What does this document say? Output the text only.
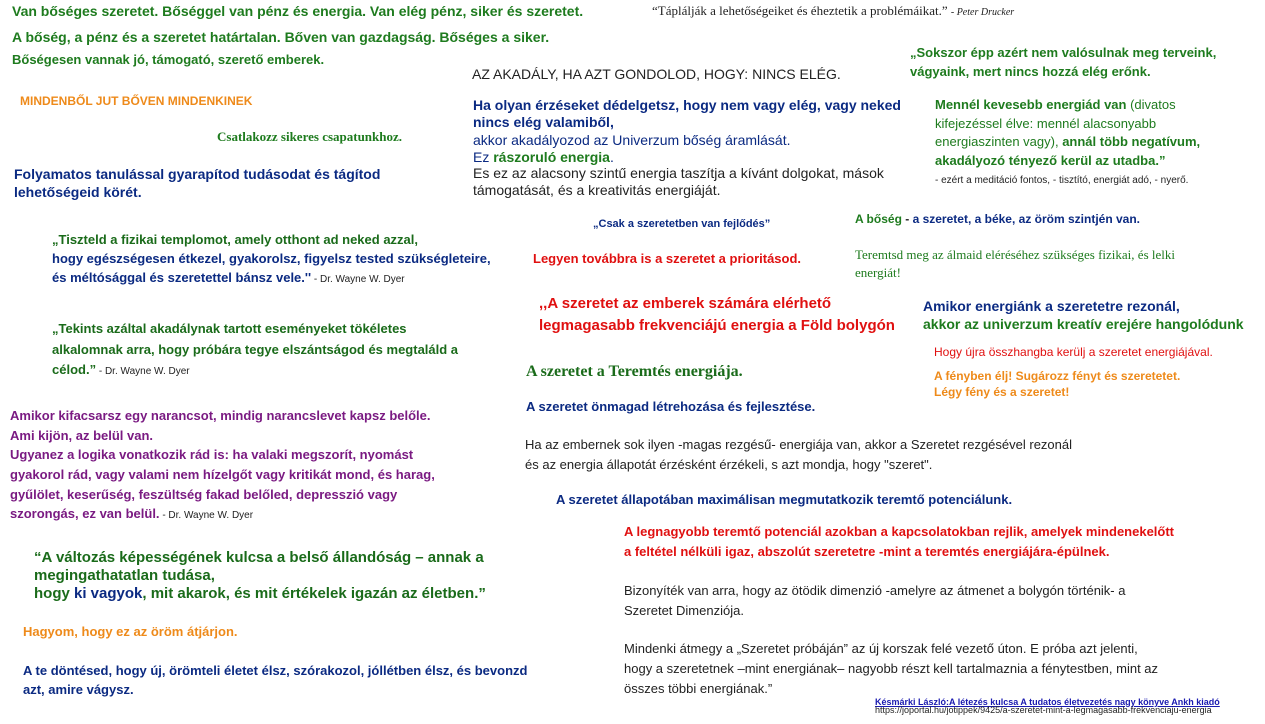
Van bőséges szeretet. Bőséggel van pénz és energia. Van elég pénz, siker és szeretet.
A bőség, a pénz és a szeretet határtalan. Bőven van gazdagság. Bőséges a siker.
Bőségesen vannak jó, támogató, szerető emberek.
“Táplálják a lehetőségeiket és éheztetik a problémáikat.” - Peter Drucker
MINDENBŐL JUT BŐVEN MINDENKINEK
Csatlakozz sikeres csapatunkhoz.
Folyamatos tanulással gyarapítod tudásodat és tágítod
lehetőségeid körét.
AZ AKADÁLY, HA AZT GONDOLOD, HOGY: NINCS ELÉG.
Ha olyan érzéseket dédelgetsz, hogy nem vagy elég, vagy neked
nincs elég valamiből,
akkor akadályozod az Univerzum bőség áramlását.
Ez rászoruló energia.
Es ez az alacsony szintű energia taszítja a kívánt dolgokat, mások
támogatását, és a kreativitás energiáját.
„Sokszor épp azért nem valósulnak meg terveink,
vágyaink, mert nincs hozzá elég erőnk.
Mennél kevesebb energiád van (divatos
kifejezéssel élve: mennél alacsonyabb
energiaszinten vagy), annál több negatívum,
akadályozó tényező kerül az utadba.”
- ezért a meditáció fontos, - tisztító, energiát adó, - nyerő.
„Csak a szeretetben van fejlődés”
Legyen továbbra is a szeretet a prioritásod.
A bőség - a szeretet, a béke, az öröm szintjén van.
Teremtsd meg az álmaid eléréséhez szükséges fizikai, és lelki
energiát!
„Tiszteld a fizikai templomot, amely otthont ad neked azzal,
hogy egészségesen étkezel, gyakorolsz, figyelsz tested szükségleteire,
és méltósággal és szeretettel bánsz vele.'' - Dr. Wayne W. Dyer
,,A szeretet az emberek számára elérhető
legmagasabb frekvenciájú energia a Föld bolygón
Amikor energiánk a szeretetre rezonál,
akkor az univerzum kreatív erejére hangolódunk
Hogy újra összhangba kerülj a szeretet energiájával.
A fényben élj! Sugározz fényt és szeretetet.
Légy fény és a szeretet!
„Tekints azáltal akadálynak tartott eseményeket tökéletes
alkalomnak arra, hogy próbára tegye elszántságod és megtaláld a
célod.” - Dr. Wayne W. Dyer	A szeretet a Teremtés energiája.
A szeretet önmagad létrehozása és fejlesztése.
Amikor kifacsarsz egy narancsot, mindig narancslevet kapsz belőle.
Ami kijön, az belül van.
Ugyanez a logika vonatkozik rád is: ha valaki megszorít, nyomást
gyakorol rád, vagy valami nem hízelgőt vagy kritikát mond, és harag,
gyűlölet, keserűség, feszültség fakad belőled, depresszió vagy
szorongás, ez van belül. - Dr. Wayne W. Dyer
Ha az embernek sok ilyen -magas rezgésű- energiája van, akkor a Szeretet rezgésével rezonál
és az energia állapotát érzésként érzékeli, s azt mondja, hogy "szeret".
A szeretet állapotában maximálisan megmutatkozik teremtő potenciálunk.
“A változás képességének kulcsa a belső állandóság – annak a
megingathatatlan tudása,
hogy ki vagyok, mit akarok, és mit értékelek igazán az életben.”
A legnagyobb teremtő potenciál azokban a kapcsolatokban rejlik, amelyek mindenekelőtt
a feltétel nélküli igaz, abszolút szeretetre -mint a teremtés energiájára-épülnek.
Hagyom, hogy ez az öröm átjárjon.
Bizonyíték van arra, hogy az ötödik dimenzió -amelyre az átmenet a bolygón történik- a
Szeretet Dimenziója.
A te döntésed, hogy új, örömteli életet élsz, szórakozol, jóllétben élsz, és bevonzd
azt, amire vágysz.
Mindenki átmegy a „Szeretet próbáján” az új korszak felé vezető úton. E próba azt jelenti,
hogy a szeretetnek –mint energiának– nagyobb részt kell tartalmaznia a fénytestben, mint az
összes többi energiának.”
Késmárki László:A létezés kulcsa A tudatos életvezetés nagy könyve Ankh kiadó
https://joportal.hu/jotippek/9425/a-szeretet-mint-a-legmagasabb-frekvenciaju-energia
